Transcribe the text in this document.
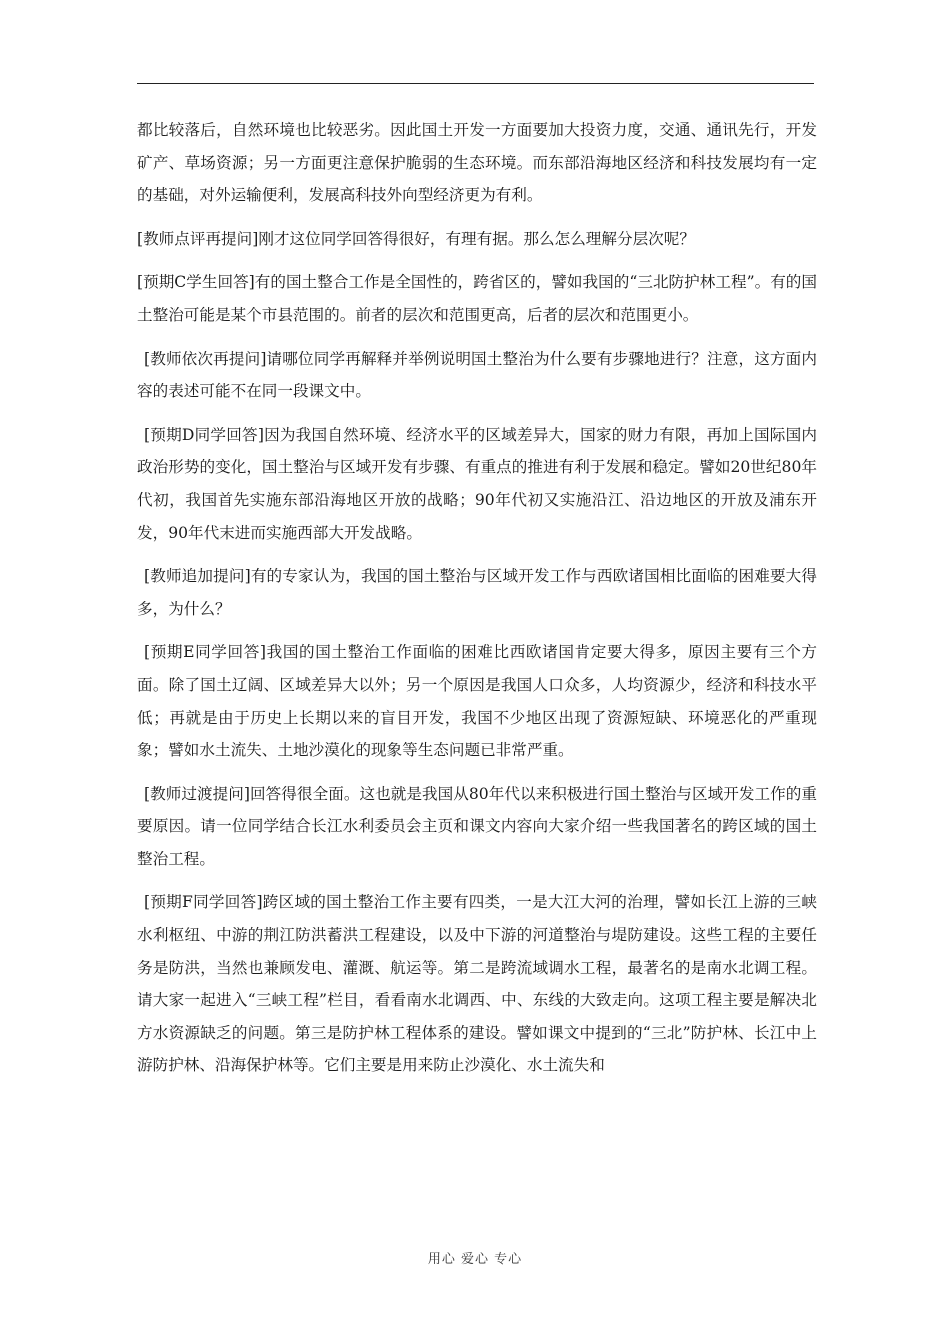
都比较落后，自然环境也比较恶劣。因此国土开发一方面要加大投资力度，交通、通讯先行，开发矿产、草场资源；另一方面更注意保护脆弱的生态环境。而东部沿海地区经济和科技发展均有一定的基础，对外运输便利，发展高科技外向型经济更为有利。

[教师点评再提问]刚才这位同学回答得很好，有理有据。那么怎么理解分层次呢？

[预期C学生回答]有的国土整合工作是全国性的，跨省区的，譬如我国的“三北防护林工程”。有的国土整治可能是某个市县范围的。前者的层次和范围更高，后者的层次和范围更小。

[教师依次再提问]请哪位同学再解释并举例说明国土整治为什么要有步骤地进行？注意，这方面内容的表述可能不在同一段课文中。

[预期D同学回答]因为我国自然环境、经济水平的区域差异大，国家的财力有限，再加上国际国内政治形势的变化，国土整治与区域开发有步骤、有重点的推进有利于发展和稳定。譬如20世纪80年代初，我国首先实施东部沿海地区开放的战略；90年代初又实施沿江、沿边地区的开放及浦东开发，90年代末进而实施西部大开发战略。

[教师追加提问]有的专家认为，我国的国土整治与区域开发工作与西欧诸国相比面临的困难要大得多，为什么？

[预期E同学回答]我国的国土整治工作面临的困难比西欧诸国肯定要大得多，原因主要有三个方面。除了国土辽阔、区域差异大以外；另一个原因是我国人口众多，人均资源少，经济和科技水平低；再就是由于历史上长期以来的盲目开发，我国不少地区出现了资源短缺、环境恶化的严重现象；譬如水土流失、土地沙漠化的现象等生态问题已非常严重。

[教师过渡提问]回答得很全面。这也就是我国从80年代以来积极进行国土整治与区域开发工作的重要原因。请一位同学结合长江水利委员会主页和课文内容向大家介绍一些我国著名的跨区域的国土整治工程。

[预期F同学回答]跨区域的国土整治工作主要有四类，一是大江大河的治理，譬如长江上游的三峡水利枢纽、中游的荆江防洪蓄洪工程建设，以及中下游的河道整治与堤防建设。这些工程的主要任务是防洪，当然也兼顾发电、灌溉、航运等。第二是跨流域调水工程，最著名的是南水北调工程。请大家一起进入“三峡工程”栏目，看看南水北调西、中、东线的大致走向。这项工程主要是解决北方水资源缺乏的问题。第三是防护林工程体系的建设。譬如课文中提到的“三北”防护林、长江中上游防护林、沿海保护林等。它们主要是用来防止沙漠化、水土流失和

用心 爱心 专心
